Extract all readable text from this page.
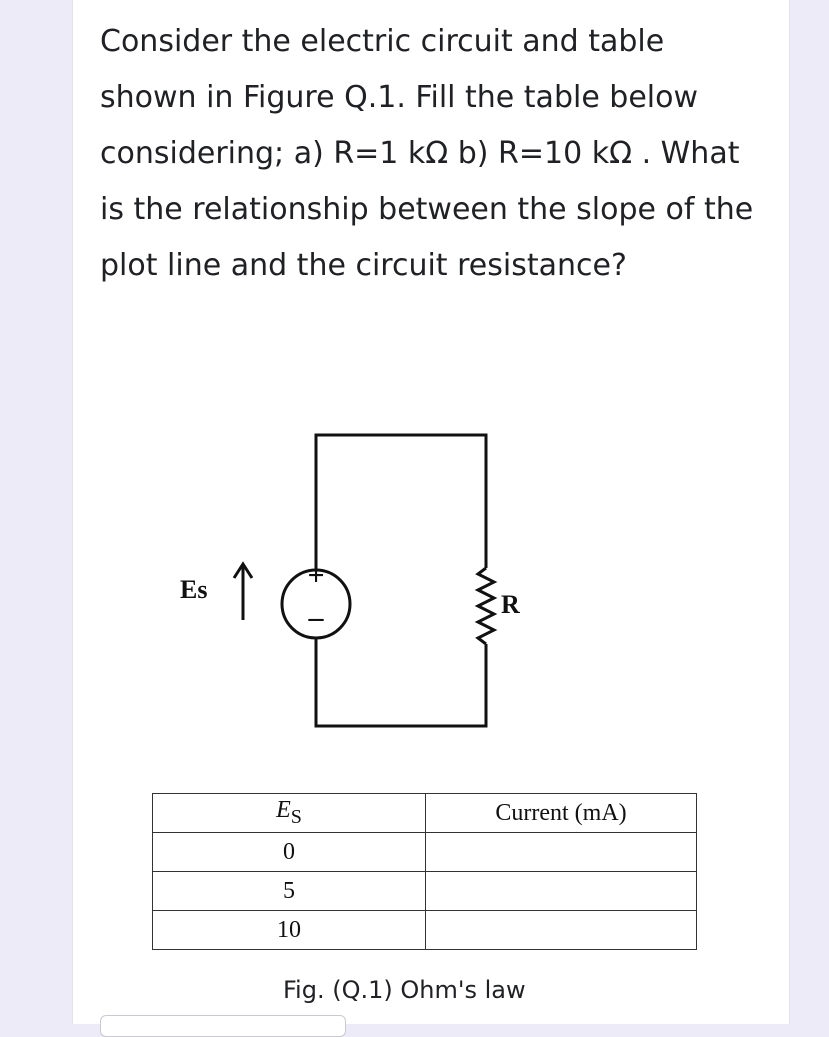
Consider the electric circuit and table shown in Figure Q.1. Fill the table below considering; a) R=1 kΩ b) R=10 kΩ . What is the relationship between the slope of the plot line and the circuit resistance?

+
–
Es
R
$E_S$	Current (mA)
0	
5	
10	
Fig. (Q.1) Ohm's law
